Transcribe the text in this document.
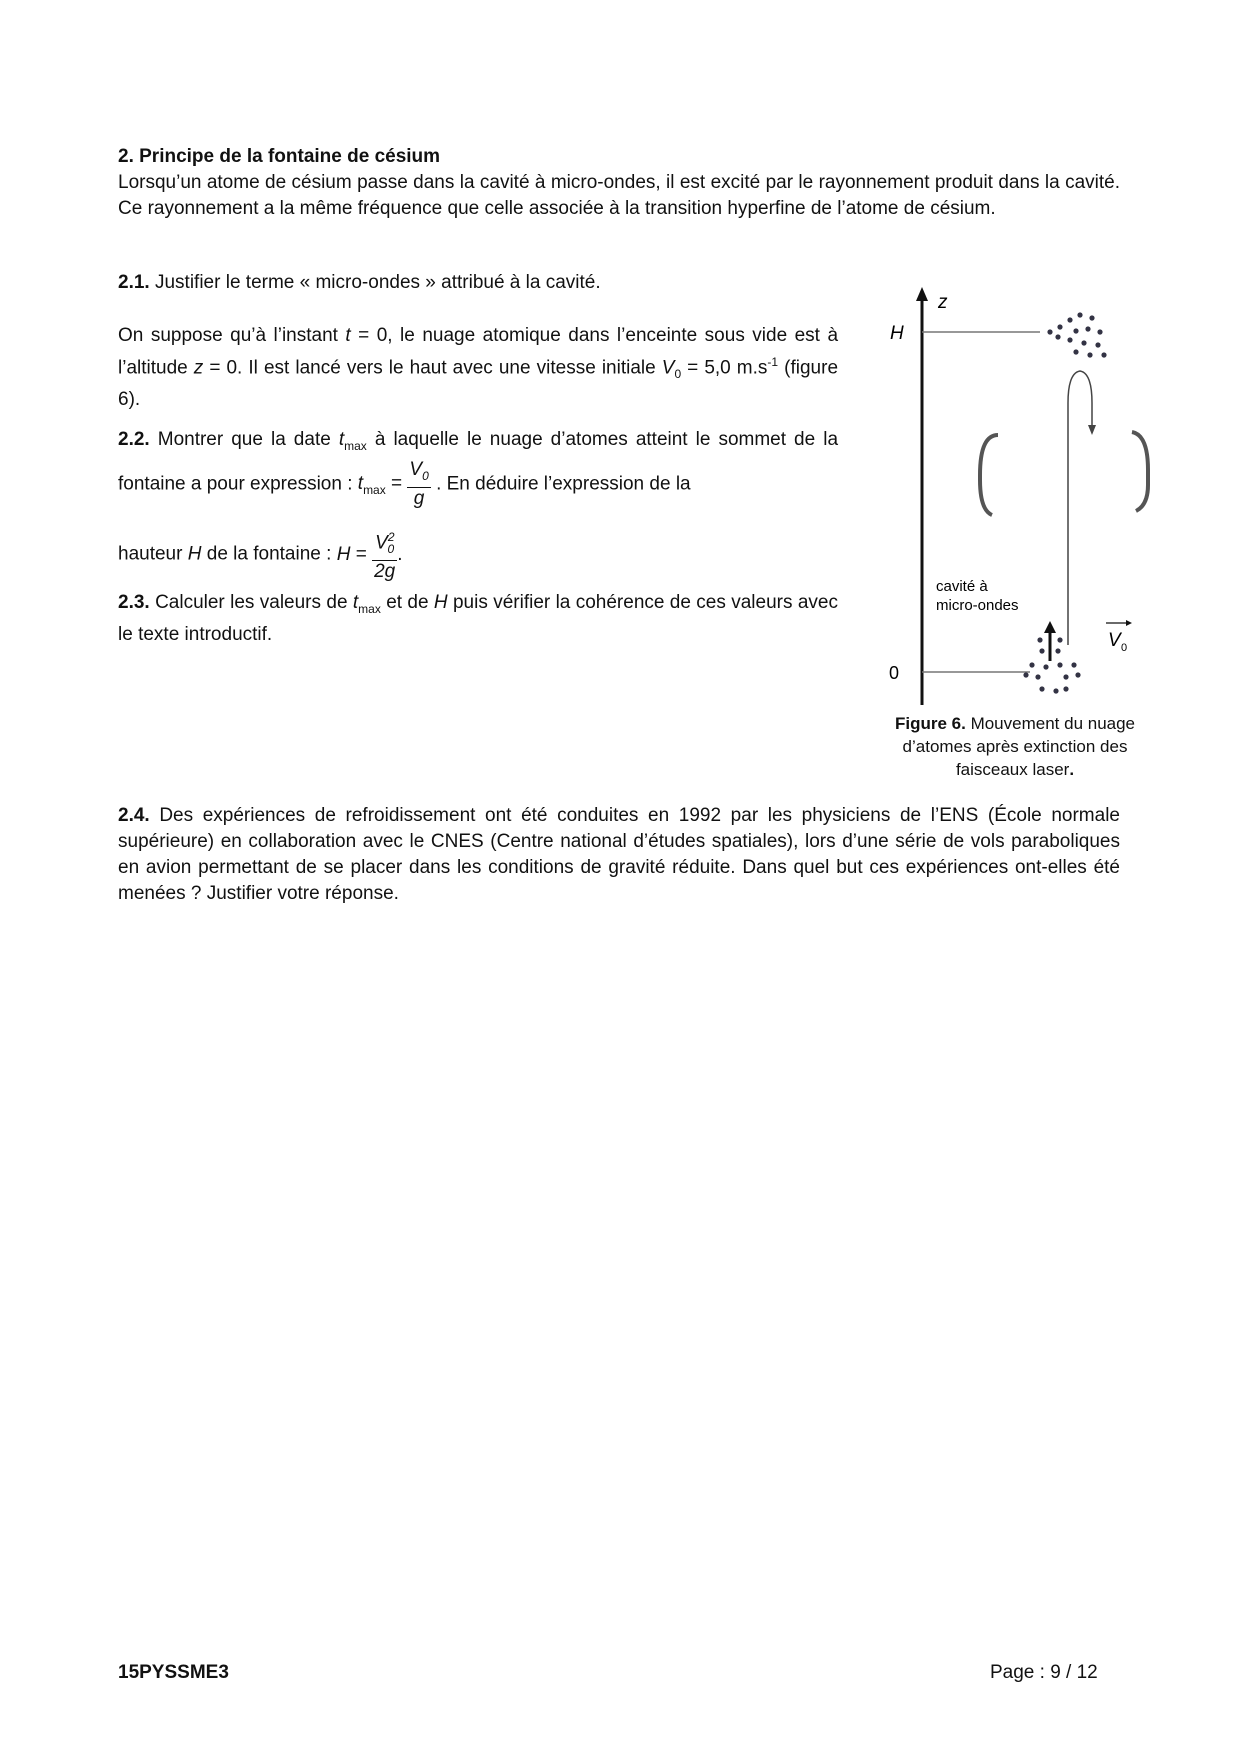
2. Principe de la fontaine de césium

Lorsqu’un atome de césium passe dans la cavité à micro-ondes, il est excité par le rayonnement produit dans la cavité. Ce rayonnement a la même fréquence que celle associée à la transition hyperfine de l’atome de césium.

2.1. Justifier le terme « micro-ondes » attribué à la cavité.
On suppose qu’à l’instant t = 0, le nuage atomique dans l’enceinte sous vide est à l’altitude z = 0. Il est lancé vers le haut avec une vitesse initiale $V_0 = 5,0$ $m.s^{-1}$ (figure 6).
2.2. Montrer que la date $t_{max}$ à laquelle le nuage d’atomes atteint le sommet de la fontaine a pour expression : $t_{max} = \frac{V_0}{g}$ . En déduire l’expression de la
hauteur H de la fontaine : $H = \frac{V^2_0}{2g}$ .
2.3. Calculer les valeurs de $t_{max}$ et de H puis vérifier la cohérence de ces valeurs avec le texte introductif.
z
H
cavité à
micro-ondes
V 0
0
Figure 6. Mouvement du nuage d’atomes après extinction des faisceaux laser.
2.4. Des expériences de refroidissement ont été conduites en 1992 par les physiciens de l’ENS (École normale supérieure) en collaboration avec le CNES (Centre national d’études spatiales), lors d’une série de vols paraboliques en avion permettant de se placer dans les conditions de gravité réduite. Dans quel but ces expériences ont-elles été menées ? Justifier votre réponse.
15PYSSME3	Page : 9 / 12
